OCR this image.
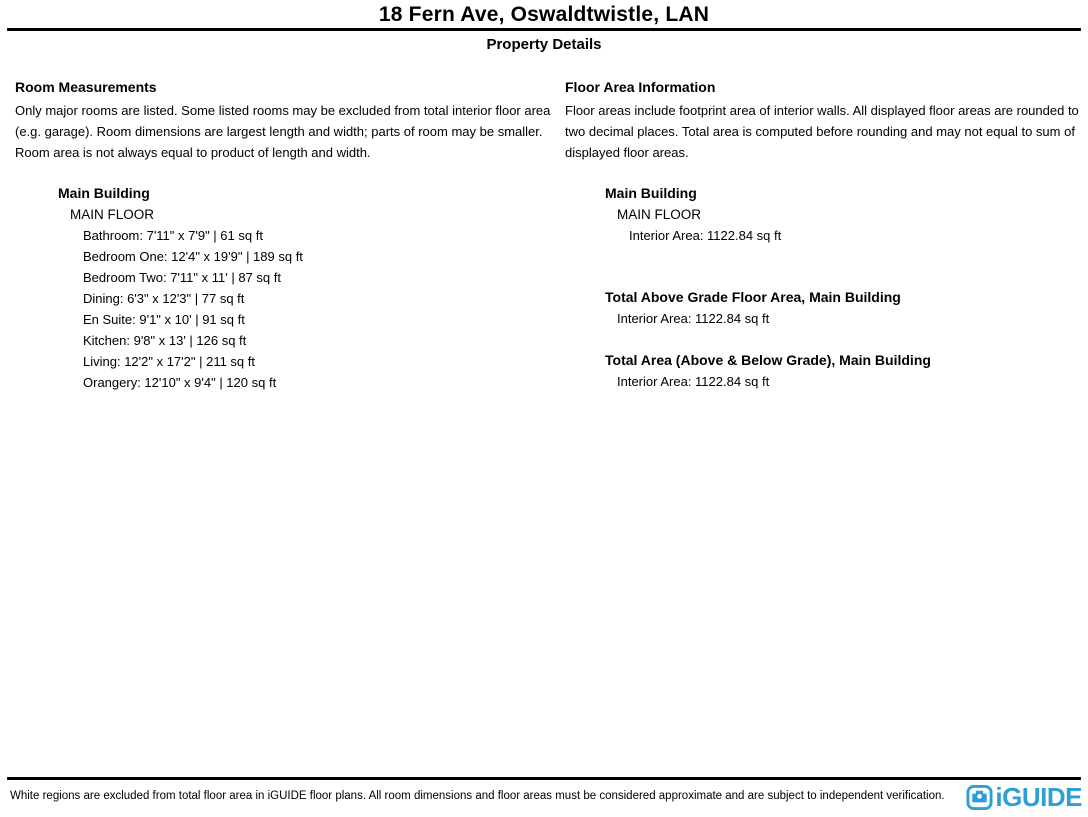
18 Fern Ave, Oswaldtwistle, LAN
Property Details
Room Measurements
Only major rooms are listed. Some listed rooms may be excluded from total interior floor area (e.g. garage). Room dimensions are largest length and width; parts of room may be smaller. Room area is not always equal to product of length and width.
Main Building
MAIN FLOOR
Bathroom: 7'11" x 7'9" | 61 sq ft
Bedroom One: 12'4" x 19'9" | 189 sq ft
Bedroom Two: 7'11" x 11' | 87 sq ft
Dining: 6'3" x 12'3" | 77 sq ft
En Suite: 9'1" x 10' | 91 sq ft
Kitchen: 9'8" x 13' | 126 sq ft
Living: 12'2" x 17'2" | 211 sq ft
Orangery: 12'10" x 9'4" | 120 sq ft
Floor Area Information
Floor areas include footprint area of interior walls. All displayed floor areas are rounded to two decimal places. Total area is computed before rounding and may not equal to sum of displayed floor areas.
Main Building
MAIN FLOOR
Interior Area: 1122.84 sq ft
Total Above Grade Floor Area, Main Building
Interior Area: 1122.84 sq ft
Total Area (Above & Below Grade), Main Building
Interior Area: 1122.84 sq ft
White regions are excluded from total floor area in iGUIDE floor plans. All room dimensions and floor areas must be considered approximate and are subject to independent verification. iGUIDE
